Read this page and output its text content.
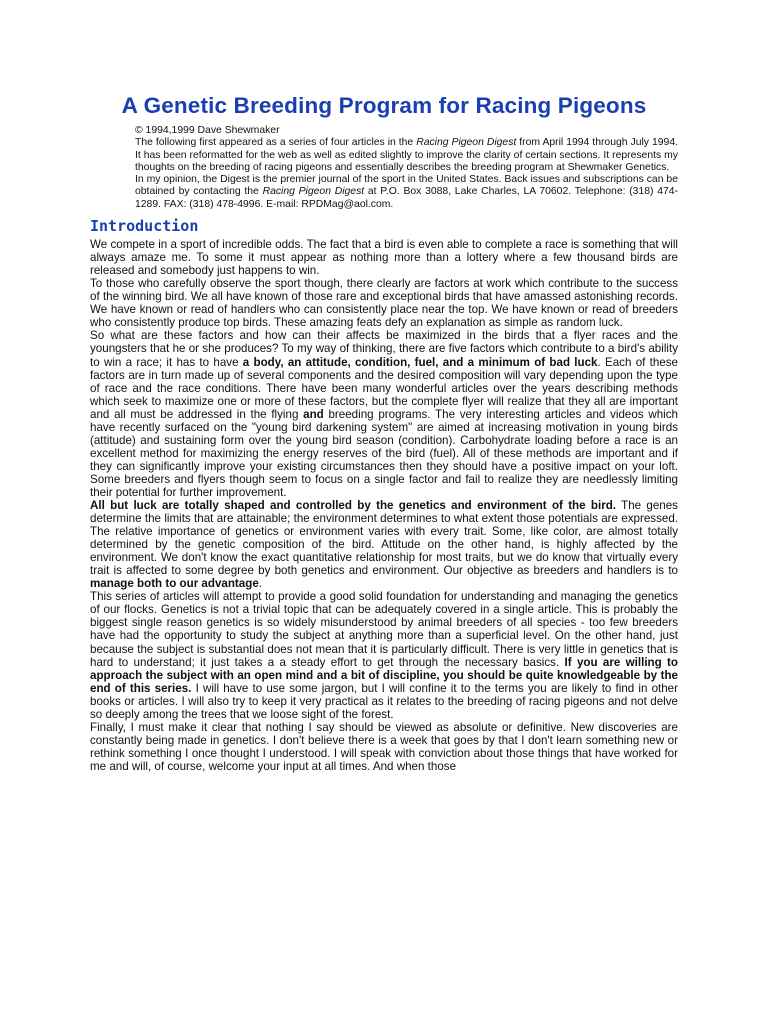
A Genetic Breeding Program for Racing Pigeons

© 1994,1999 Dave Shewmaker

The following first appeared as a series of four articles in the Racing Pigeon Digest from April 1994 through July 1994. It has been reformatted for the web as well as edited slightly to improve the clarity of certain sections. It represents my thoughts on the breeding of racing pigeons and essentially describes the breeding program at Shewmaker Genetics.

In my opinion, the Digest is the premier journal of the sport in the United States. Back issues and subscriptions can be obtained by contacting the Racing Pigeon Digest at P.O. Box 3088, Lake Charles, LA 70602. Telephone: (318) 474-1289. FAX: (318) 478-4996. E-mail: RPDMag@aol.com.

Introduction

We compete in a sport of incredible odds. The fact that a bird is even able to complete a race is something that will always amaze me. To some it must appear as nothing more than a lottery where a few thousand birds are released and somebody just happens to win.

To those who carefully observe the sport though, there clearly are factors at work which contribute to the success of the winning bird. We all have known of those rare and exceptional birds that have amassed astonishing records. We have known or read of handlers who can consistently place near the top. We have known or read of breeders who consistently produce top birds. These amazing feats defy an explanation as simple as random luck.

So what are these factors and how can their affects be maximized in the birds that a flyer races and the youngsters that he or she produces? To my way of thinking, there are five factors which contribute to a bird's ability to win a race; it has to have a body, an attitude, condition, fuel, and a minimum of bad luck. Each of these factors are in turn made up of several components and the desired composition will vary depending upon the type of race and the race conditions. There have been many wonderful articles over the years describing methods which seek to maximize one or more of these factors, but the complete flyer will realize that they all are important and all must be addressed in the flying and breeding programs. The very interesting articles and videos which have recently surfaced on the "young bird darkening system" are aimed at increasing motivation in young birds (attitude) and sustaining form over the young bird season (condition). Carbohydrate loading before a race is an excellent method for maximizing the energy reserves of the bird (fuel). All of these methods are important and if they can significantly improve your existing circumstances then they should have a positive impact on your loft. Some breeders and flyers though seem to focus on a single factor and fail to realize they are needlessly limiting their potential for further improvement.

All but luck are totally shaped and controlled by the genetics and environment of the bird. The genes determine the limits that are attainable; the environment determines to what extent those potentials are expressed. The relative importance of genetics or environment varies with every trait. Some, like color, are almost totally determined by the genetic composition of the bird. Attitude on the other hand, is highly affected by the environment. We don't know the exact quantitative relationship for most traits, but we do know that virtually every trait is affected to some degree by both genetics and environment. Our objective as breeders and handlers is to manage both to our advantage.

This series of articles will attempt to provide a good solid foundation for understanding and managing the genetics of our flocks. Genetics is not a trivial topic that can be adequately covered in a single article. This is probably the biggest single reason genetics is so widely misunderstood by animal breeders of all species - too few breeders have had the opportunity to study the subject at anything more than a superficial level. On the other hand, just because the subject is substantial does not mean that it is particularly difficult. There is very little in genetics that is hard to understand; it just takes a a steady effort to get through the necessary basics. If you are willing to approach the subject with an open mind and a bit of discipline, you should be quite knowledgeable by the end of this series. I will have to use some jargon, but I will confine it to the terms you are likely to find in other books or articles. I will also try to keep it very practical as it relates to the breeding of racing pigeons and not delve so deeply among the trees that we loose sight of the forest.

Finally, I must make it clear that nothing I say should be viewed as absolute or definitive. New discoveries are constantly being made in genetics. I don't believe there is a week that goes by that I don't learn something new or rethink something I once thought I understood. I will speak with conviction about those things that have worked for me and will, of course, welcome your input at all times. And when those
